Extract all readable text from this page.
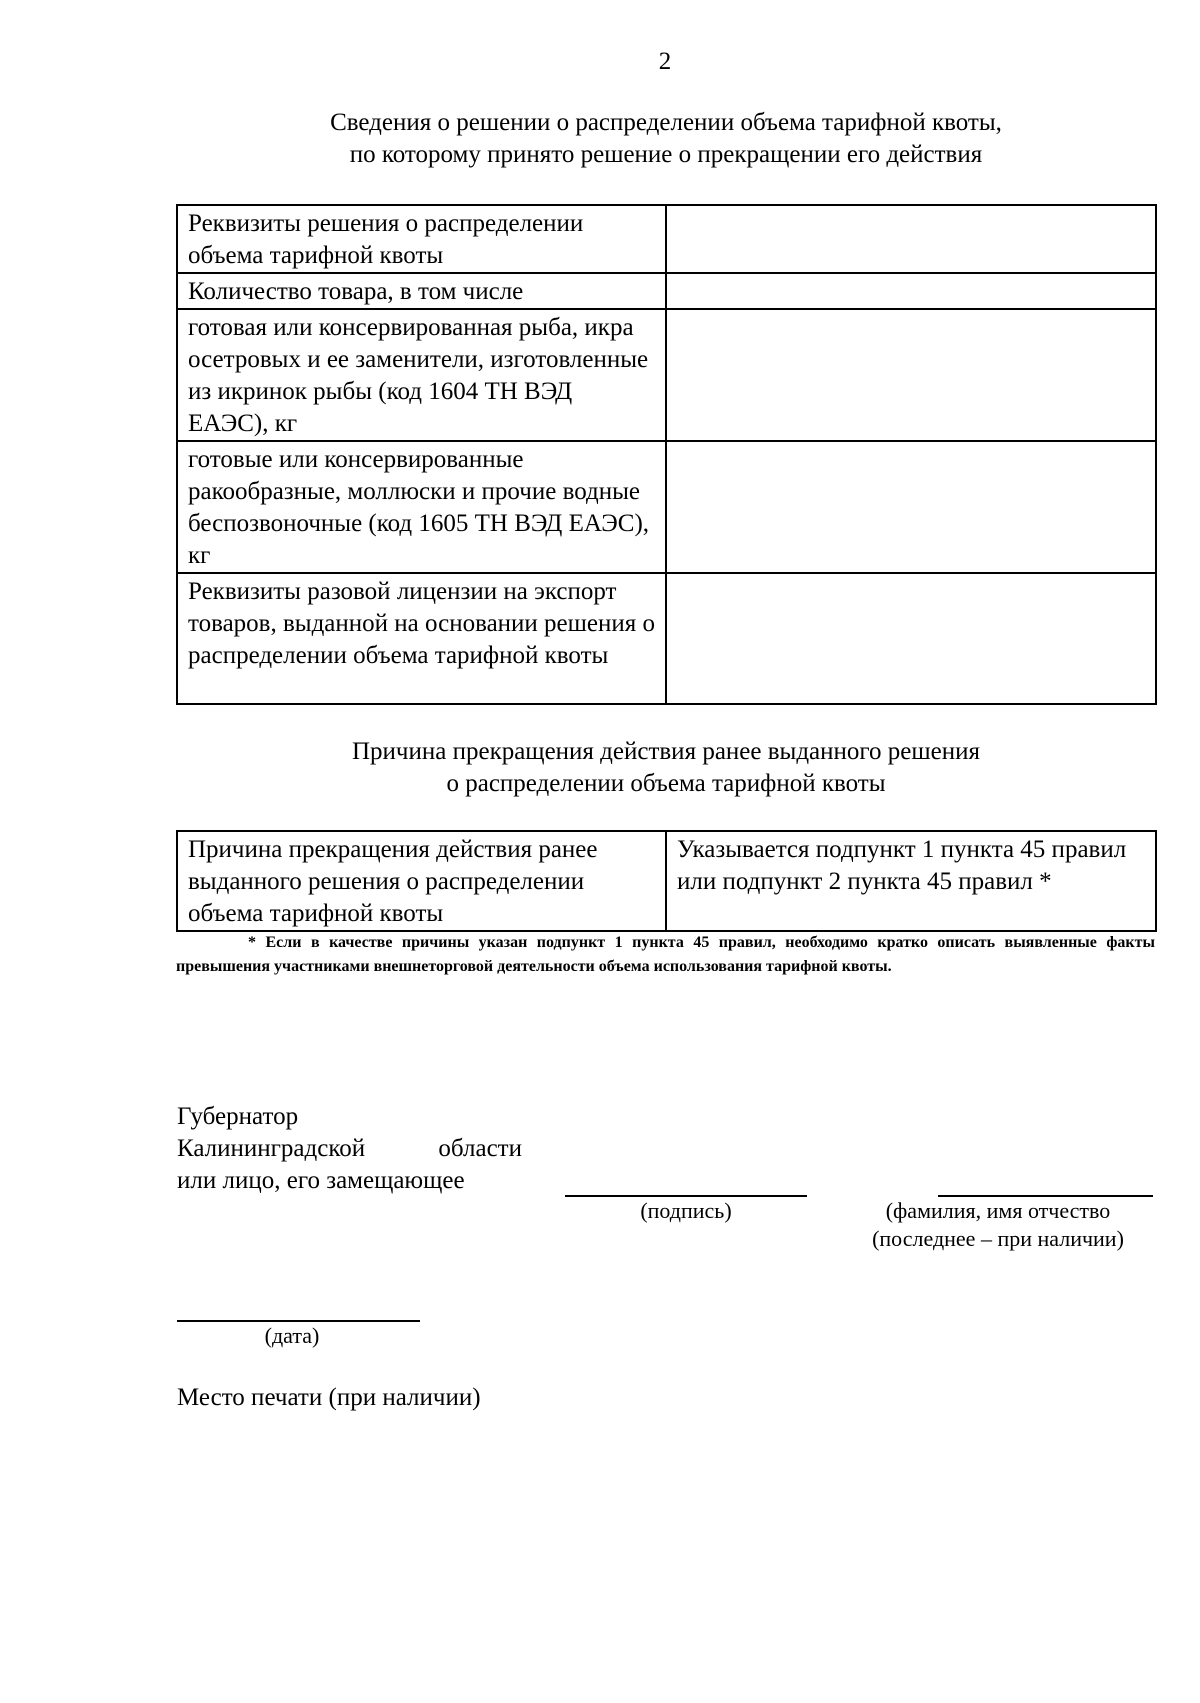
2
Сведения о решении о распределении объема тарифной квоты,
по которому принято решение о прекращении его действия
Реквизиты решения о распределении объема тарифной квоты	
Количество товара, в том числе	
готовая или консервированная рыба, икра осетровых и ее заменители, изготовленные из икринок рыбы (код 1604 ТН ВЭД ЕАЭС), кг	
готовые или консервированные ракообразные, моллюски и прочие водные беспозвоночные (код 1605 ТН ВЭД ЕАЭС), кг	
Реквизиты разовой лицензии на экспорт товаров, выданной на основании решения о распределении объема тарифной квоты	
Причина прекращения действия ранее выданного решения
о распределении объема тарифной квоты
Причина прекращения действия ранее выданного решения о распределении объема тарифной квоты	Указывается подпункт 1 пункта 45 правил или подпункт 2 пункта 45 правил *
* Если в качестве причины указан подпункт 1 пункта 45 правил, необходимо кратко описать выявленные факты превышения участниками внешнеторговой деятельности объема использования тарифной квоты.
Губернатор
Калининградской	области
или лицо, его замещающее
(подпись)	(фамилия, имя отчество
(последнее – при наличии)
(дата)
Место печати (при наличии)
